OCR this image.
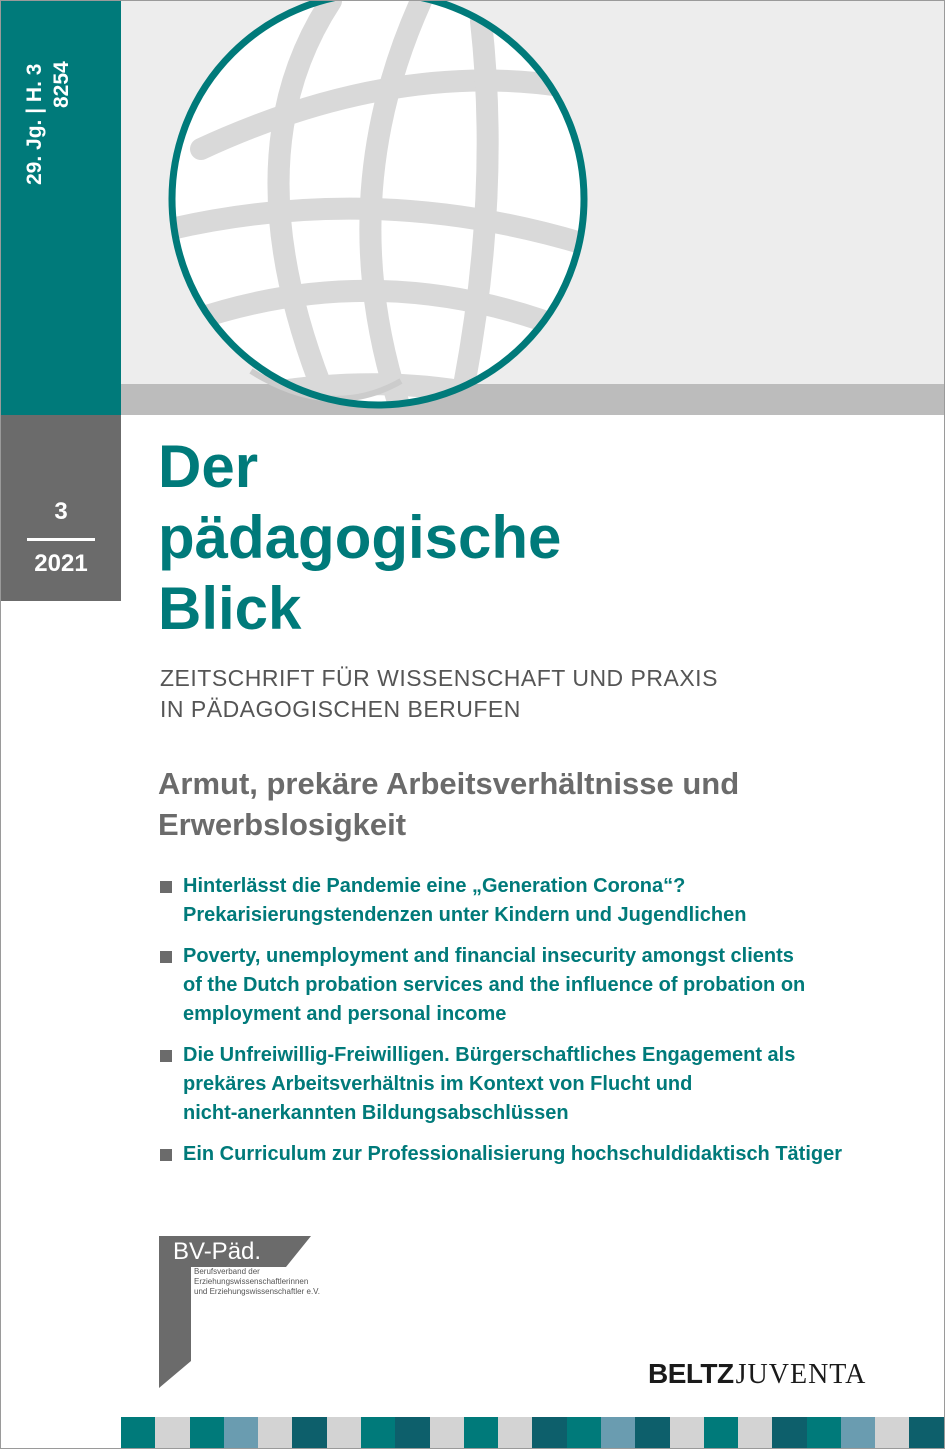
29. Jg. | H. 3 8254
3
2021
Der
pädagogische
Blick
ZEITSCHRIFT FÜR WISSENSCHAFT UND PRAXIS
IN PÄDAGOGISCHEN BERUFEN
Armut, prekäre Arbeitsverhältnisse und
Erwerbslosigkeit
Hinterlässt die Pandemie eine „Generation Corona“?
Prekarisierungstendenzen unter Kindern und Jugendlichen
Poverty, unemployment and financial insecurity amongst clients
of the Dutch probation services and the influence of probation on
employment and personal income
Die Unfreiwillig-Freiwilligen. Bürgerschaftliches Engagement als
prekäres Arbeitsverhältnis im Kontext von Flucht und
nicht-anerkannten Bildungsabschlüssen
Ein Curriculum zur Professionalisierung hochschuldidaktisch Tätiger
BV-Päd.
Berufsverband der
Erziehungswissenschaftlerinnen
und Erziehungswissenschaftler e.V.
BELTZJUVENTA
